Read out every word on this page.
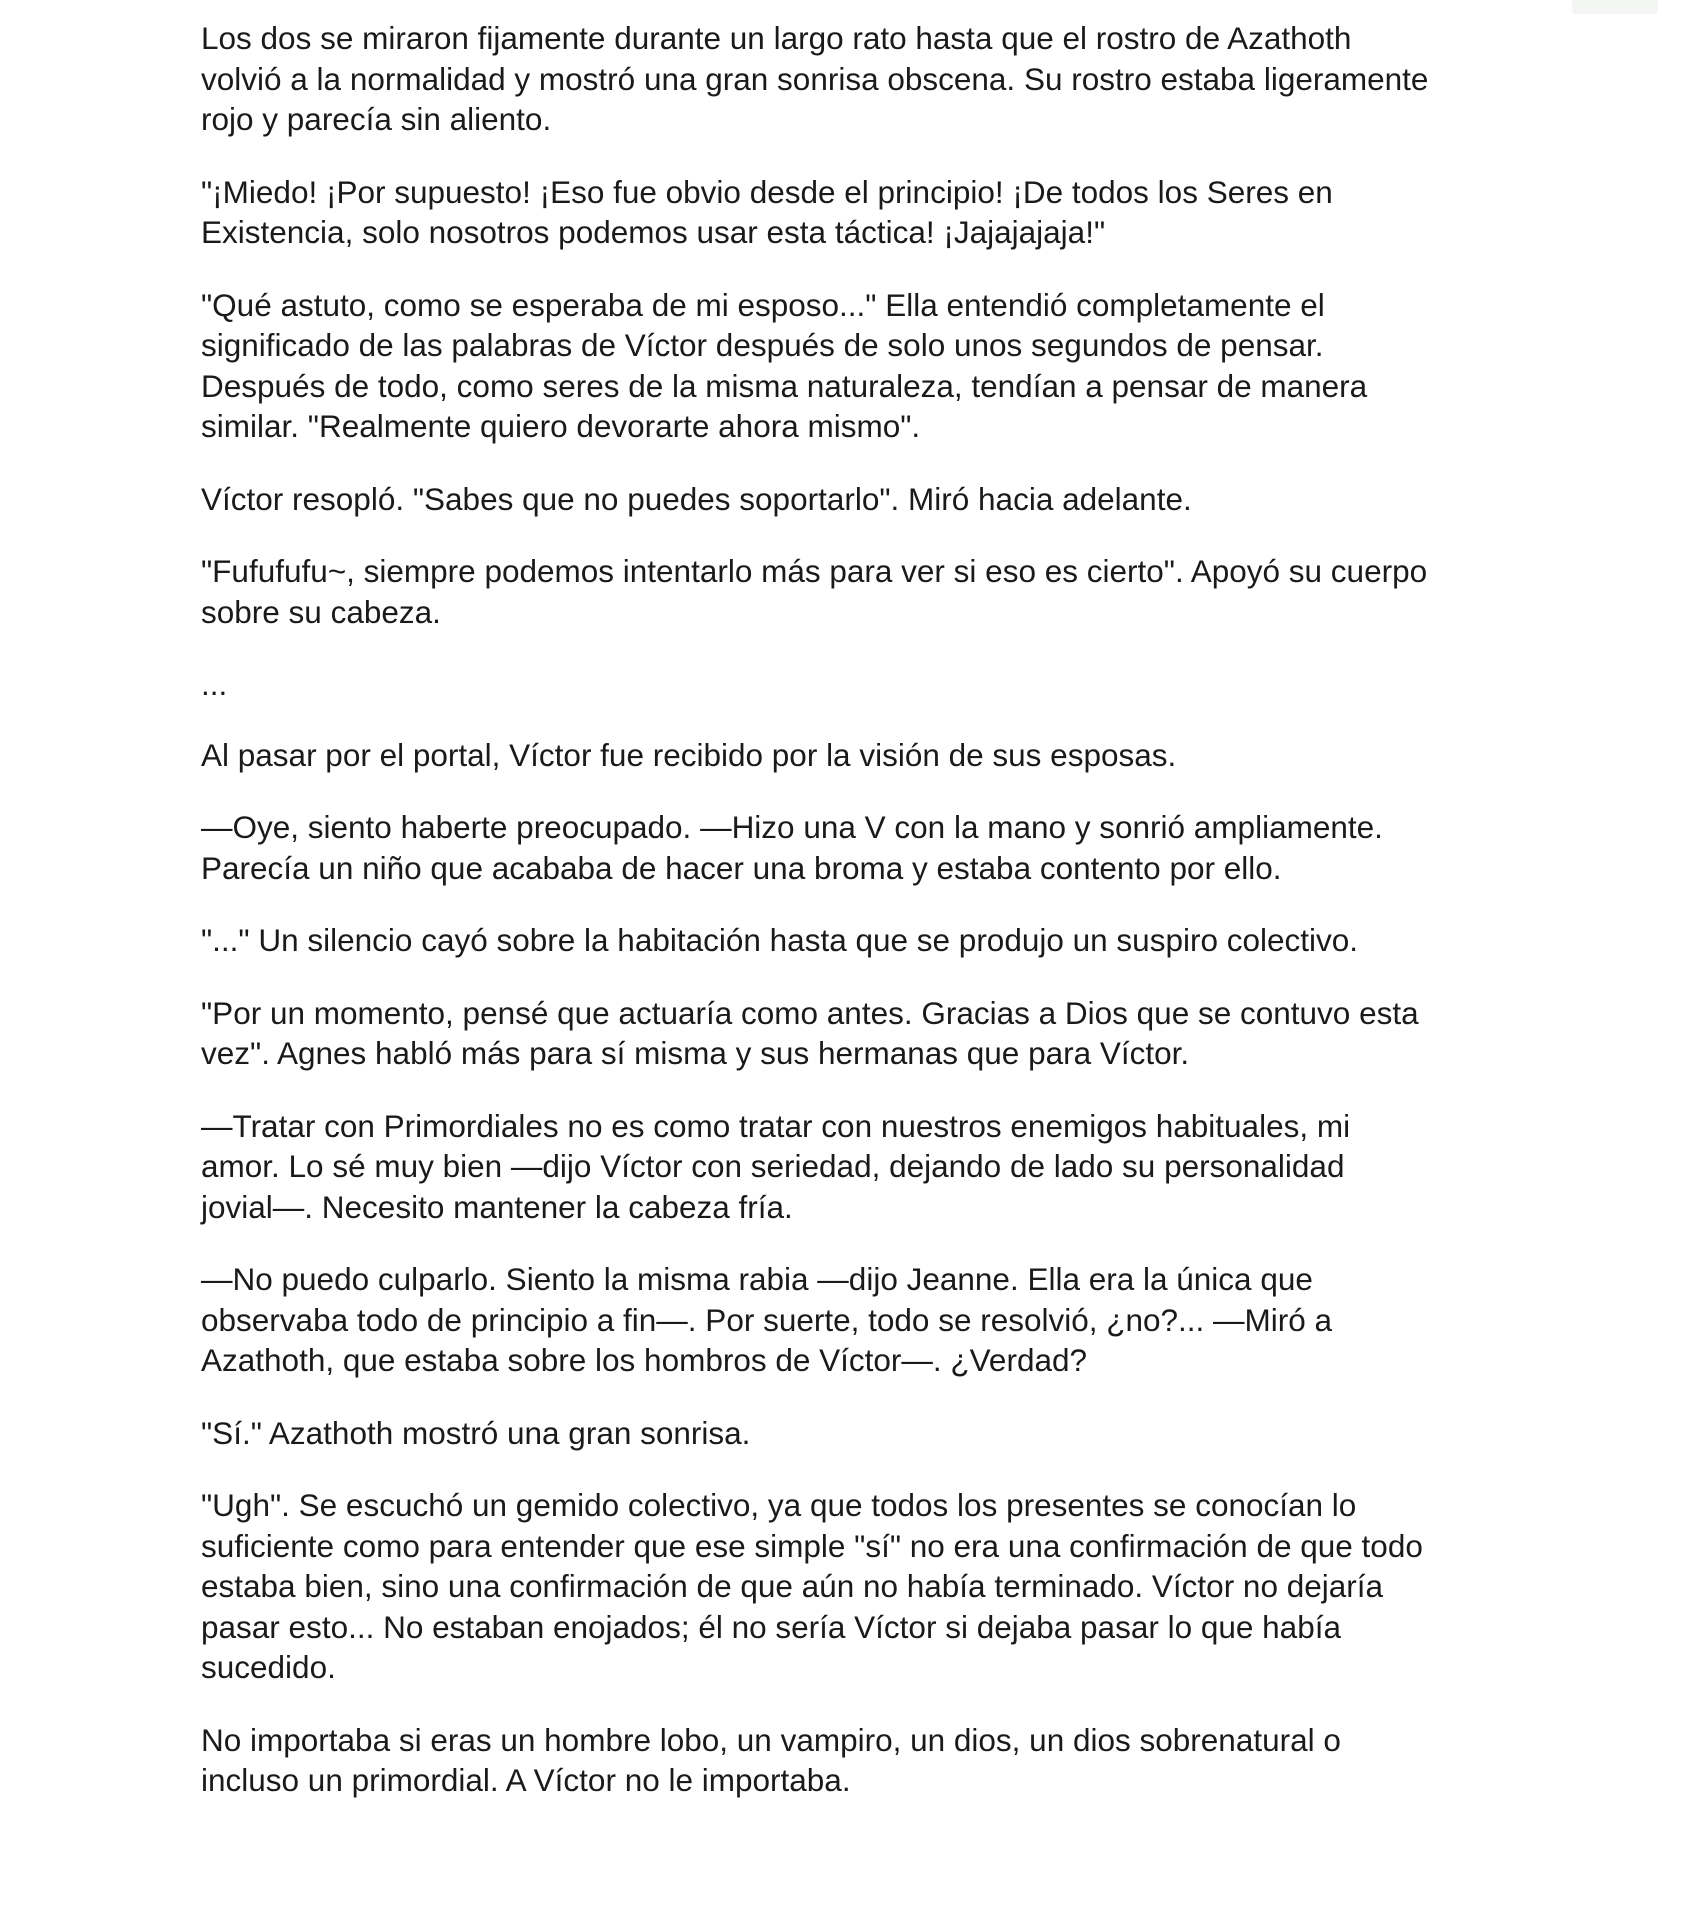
Los dos se miraron fijamente durante un largo rato hasta que el rostro de Azathoth
volvió a la normalidad y mostró una gran sonrisa obscena. Su rostro estaba ligeramente
rojo y parecía sin aliento.

"¡Miedo! ¡Por supuesto! ¡Eso fue obvio desde el principio! ¡De todos los Seres en
Existencia, solo nosotros podemos usar esta táctica! ¡Jajajajaja!"

"Qué astuto, como se esperaba de mi esposo..." Ella entendió completamente el
significado de las palabras de Víctor después de solo unos segundos de pensar.
Después de todo, como seres de la misma naturaleza, tendían a pensar de manera
similar. "Realmente quiero devorarte ahora mismo".

Víctor resopló. "Sabes que no puedes soportarlo". Miró hacia adelante.

"Fufufufu~, siempre podemos intentarlo más para ver si eso es cierto". Apoyó su cuerpo
sobre su cabeza.

...

Al pasar por el portal, Víctor fue recibido por la visión de sus esposas.

—Oye, siento haberte preocupado. —Hizo una V con la mano y sonrió ampliamente.
Parecía un niño que acababa de hacer una broma y estaba contento por ello.

"..." Un silencio cayó sobre la habitación hasta que se produjo un suspiro colectivo.

"Por un momento, pensé que actuaría como antes. Gracias a Dios que se contuvo esta
vez". Agnes habló más para sí misma y sus hermanas que para Víctor.

—Tratar con Primordiales no es como tratar con nuestros enemigos habituales, mi
amor. Lo sé muy bien —dijo Víctor con seriedad, dejando de lado su personalidad
jovial—. Necesito mantener la cabeza fría.

—No puedo culparlo. Siento la misma rabia —dijo Jeanne. Ella era la única que
observaba todo de principio a fin—. Por suerte, todo se resolvió, ¿no?... —Miró a
Azathoth, que estaba sobre los hombros de Víctor—. ¿Verdad?

"Sí." Azathoth mostró una gran sonrisa.

"Ugh". Se escuchó un gemido colectivo, ya que todos los presentes se conocían lo
suficiente como para entender que ese simple "sí" no era una confirmación de que todo
estaba bien, sino una confirmación de que aún no había terminado. Víctor no dejaría
pasar esto... No estaban enojados; él no sería Víctor si dejaba pasar lo que había
sucedido.

No importaba si eras un hombre lobo, un vampiro, un dios, un dios sobrenatural o
incluso un primordial. A Víctor no le importaba.
